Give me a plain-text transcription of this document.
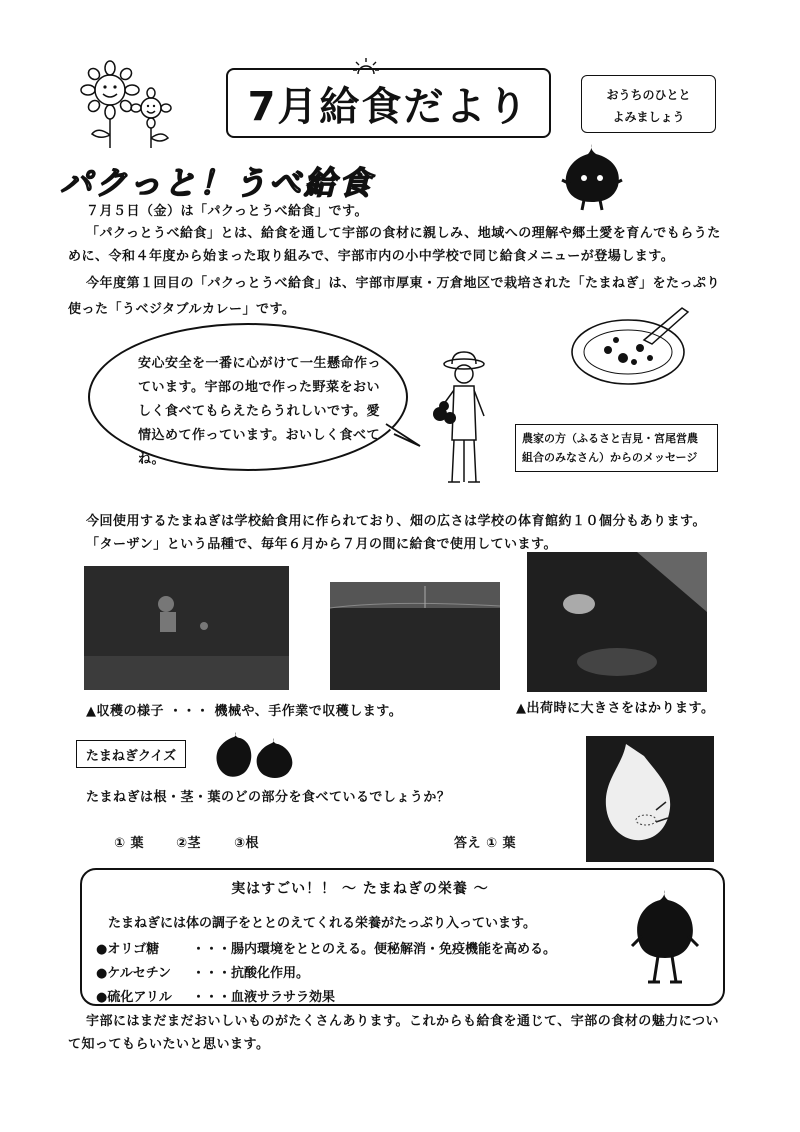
7月給食だより	おうちのひとと
よみましょう
パクっと！うべ給食
７月５日（金）は「パクっとうべ給食」です。
「パクっとうべ給食」とは、給食を通して宇部の食材に親しみ、地域への理解や郷土愛を育んでもらうた
めに、令和４年度から始まった取り組みで、宇部市内の小中学校で同じ給食メニューが登場します。
今年度第１回目の「パクっとうべ給食」は、宇部市厚東・万倉地区で栽培された「たまねぎ」をたっぷり
使った「うベジタブルカレー」です。
安心安全を一番に心がけて一生懸命作っています。宇部の地で作った野菜をおいしく食べてもらえたらうれしいです。愛情込めて作っています。おいしく食べてね。
農家の方（ふるさと吉見・宮尾営農
組合のみなさん）からのメッセージ
今回使用するたまねぎは学校給食用に作られており、畑の広さは学校の体育館約１０個分もあります。
「ターザン」という品種で、毎年６月から７月の間に給食で使用しています。
▲収穫の様子 ・・・ 機械や、手作業で収穫します。	▲出荷時に大きさをはかります。
たまねぎクイズ
たまねぎは根・茎・葉のどの部分を食べているでしょうか？
① 葉 ②茎	③根	答え ① 葉
実はすごい！！ ～ たまねぎの栄養 ～
たまねぎには体の調子をととのえてくれる栄養がたっぷり入っています。
●オリゴ糖	・・・腸内環境をととのえる。便秘解消・免疫機能を高める。
●ケルセチン ・・・抗酸化作用。
●硫化アリル ・・・血液サラサラ効果
宇部にはまだまだおいしいものがたくさんあります。これからも給食を通じて、宇部の食材の魅力につい
て知ってもらいたいと思います。
